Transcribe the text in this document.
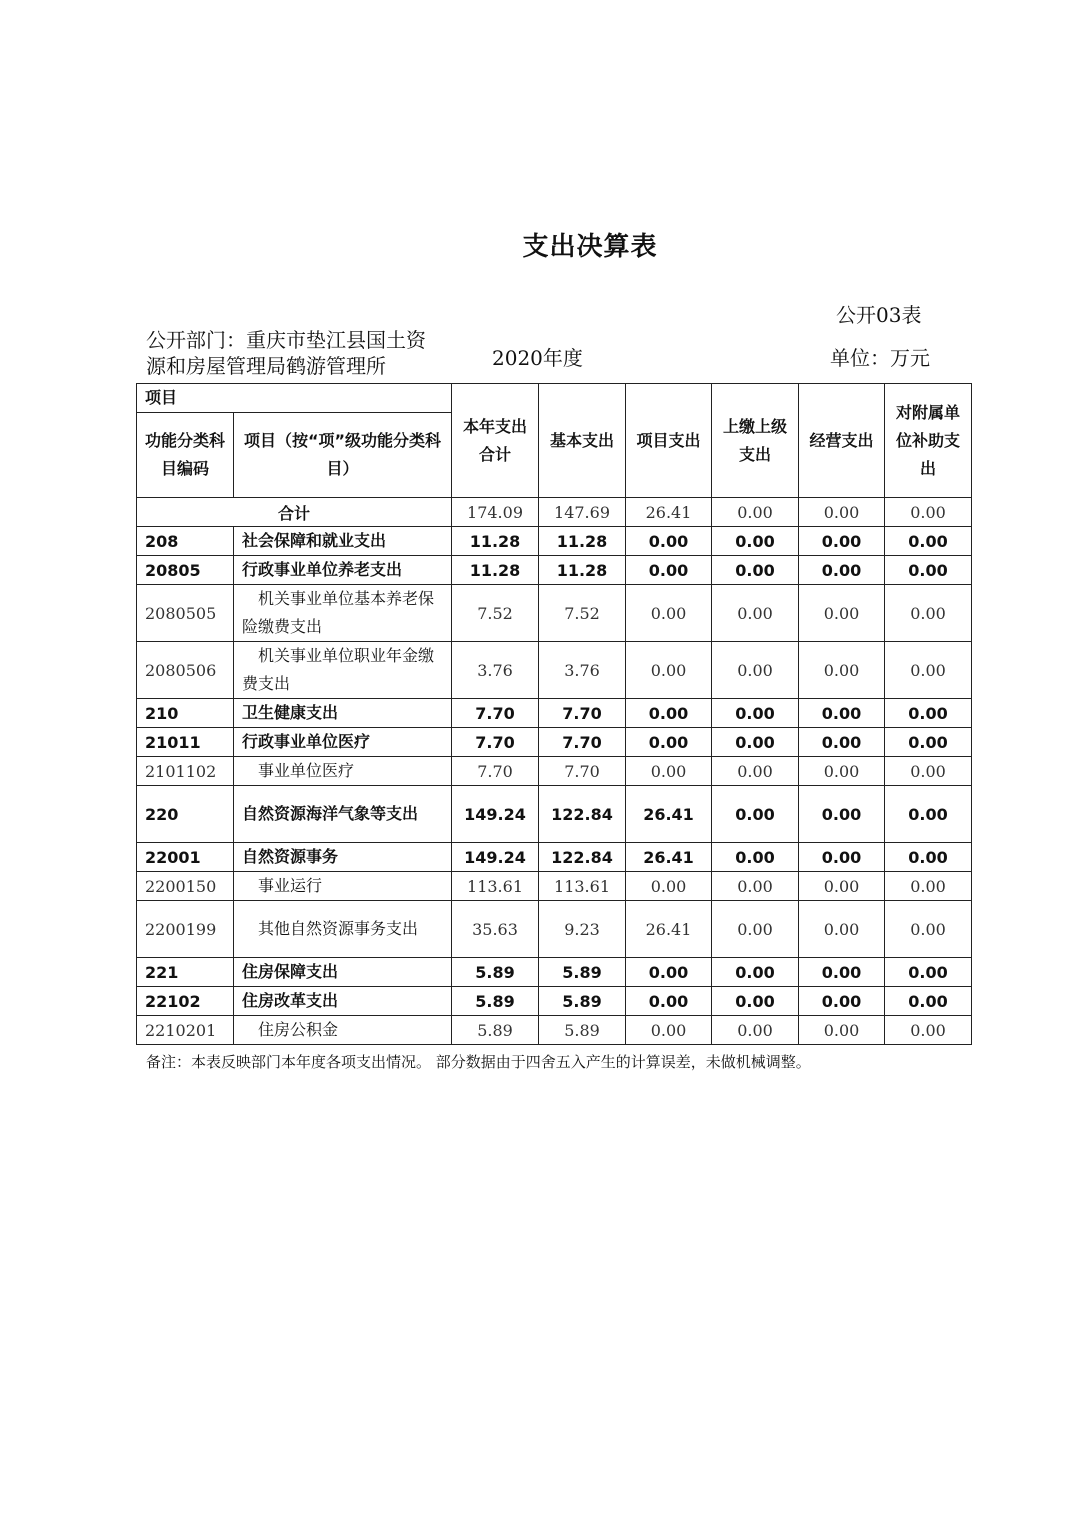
支出决算表
公开03表
公开部门：重庆市垫江县国土资
源和房屋管理局鹤游管理所	2020年度	单位：万元
项目		本年支出合计	基本支出	项目支出	上缴上级支出	经营支出	对附属单位补助支出
功能分类科目编码	项目（按“项”级功能分类科目）						
合计		174.09	147.69	26.41	0.00	0.00	0.00
208	社会保障和就业支出	11.28	11.28	0.00	0.00	0.00	0.00
20805	行政事业单位养老支出	11.28	11.28	0.00	0.00	0.00	0.00
2080505	机关事业单位基本养老保险缴费支出	7.52	7.52	0.00	0.00	0.00	0.00
2080506	机关事业单位职业年金缴费支出	3.76	3.76	0.00	0.00	0.00	0.00
210	卫生健康支出	7.70	7.70	0.00	0.00	0.00	0.00
21011	行政事业单位医疗	7.70	7.70	0.00	0.00	0.00	0.00
2101102	事业单位医疗	7.70	7.70	0.00	0.00	0.00	0.00
220	自然资源海洋气象等支出	149.24	122.84	26.41	0.00	0.00	0.00
22001	自然资源事务	149.24	122.84	26.41	0.00	0.00	0.00
2200150	事业运行	113.61	113.61	0.00	0.00	0.00	0.00
2200199	其他自然资源事务支出	35.63	9.23	26.41	0.00	0.00	0.00
221	住房保障支出	5.89	5.89	0.00	0.00	0.00	0.00
22102	住房改革支出	5.89	5.89	0.00	0.00	0.00	0.00
2210201	住房公积金	5.89	5.89	0.00	0.00	0.00	0.00
备注：本表反映部门本年度各项支出情况。 部分数据由于四舍五入产生的计算误差，未做机械调整。
